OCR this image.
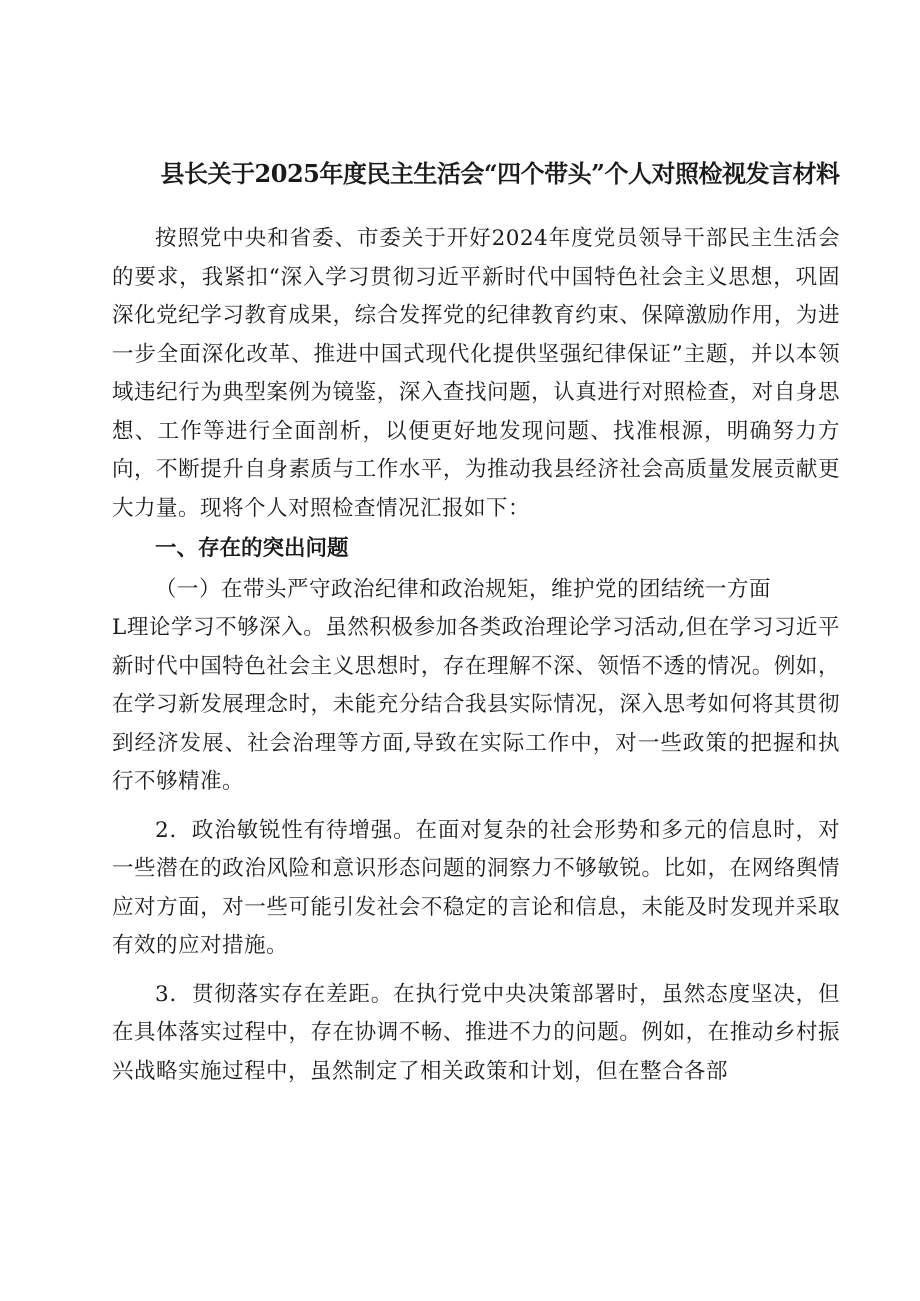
县长关于2025年度民主生活会“四个带头”个人对照检视发言材料

按照党中央和省委、市委关于开好2024年度党员领导干部民主生活会的要求，我紧扣“深入学习贯彻习近平新时代中国特色社会主义思想，巩固深化党纪学习教育成果，综合发挥党的纪律教育约束、保障激励作用，为进一步全面深化改革、推进中国式现代化提供坚强纪律保证”主题，并以本领域违纪行为典型案例为镜鉴，深入查找问题，认真进行对照检查，对自身思想、工作等进行全面剖析，以便更好地发现问题、找准根源，明确努力方向，不断提升自身素质与工作水平，为推动我县经济社会高质量发展贡献更大力量。现将个人对照检查情况汇报如下：

一、存在的突出问题

（一）在带头严守政治纪律和政治规矩，维护党的团结统一方面

L理论学习不够深入。虽然积极参加各类政治理论学习活动,但在学习习近平新时代中国特色社会主义思想时，存在理解不深、领悟不透的情况。例如，在学习新发展理念时，未能充分结合我县实际情况，深入思考如何将其贯彻到经济发展、社会治理等方面,导致在实际工作中，对一些政策的把握和执行不够精准。

2．政治敏锐性有待增强。在面对复杂的社会形势和多元的信息时，对一些潜在的政治风险和意识形态问题的洞察力不够敏锐。比如，在网络舆情应对方面，对一些可能引发社会不稳定的言论和信息，未能及时发现并采取有效的应对措施。

3．贯彻落实存在差距。在执行党中央决策部署时，虽然态度坚决，但在具体落实过程中，存在协调不畅、推进不力的问题。例如，在推动乡村振兴战略实施过程中，虽然制定了相关政策和计划，但在整合各部
